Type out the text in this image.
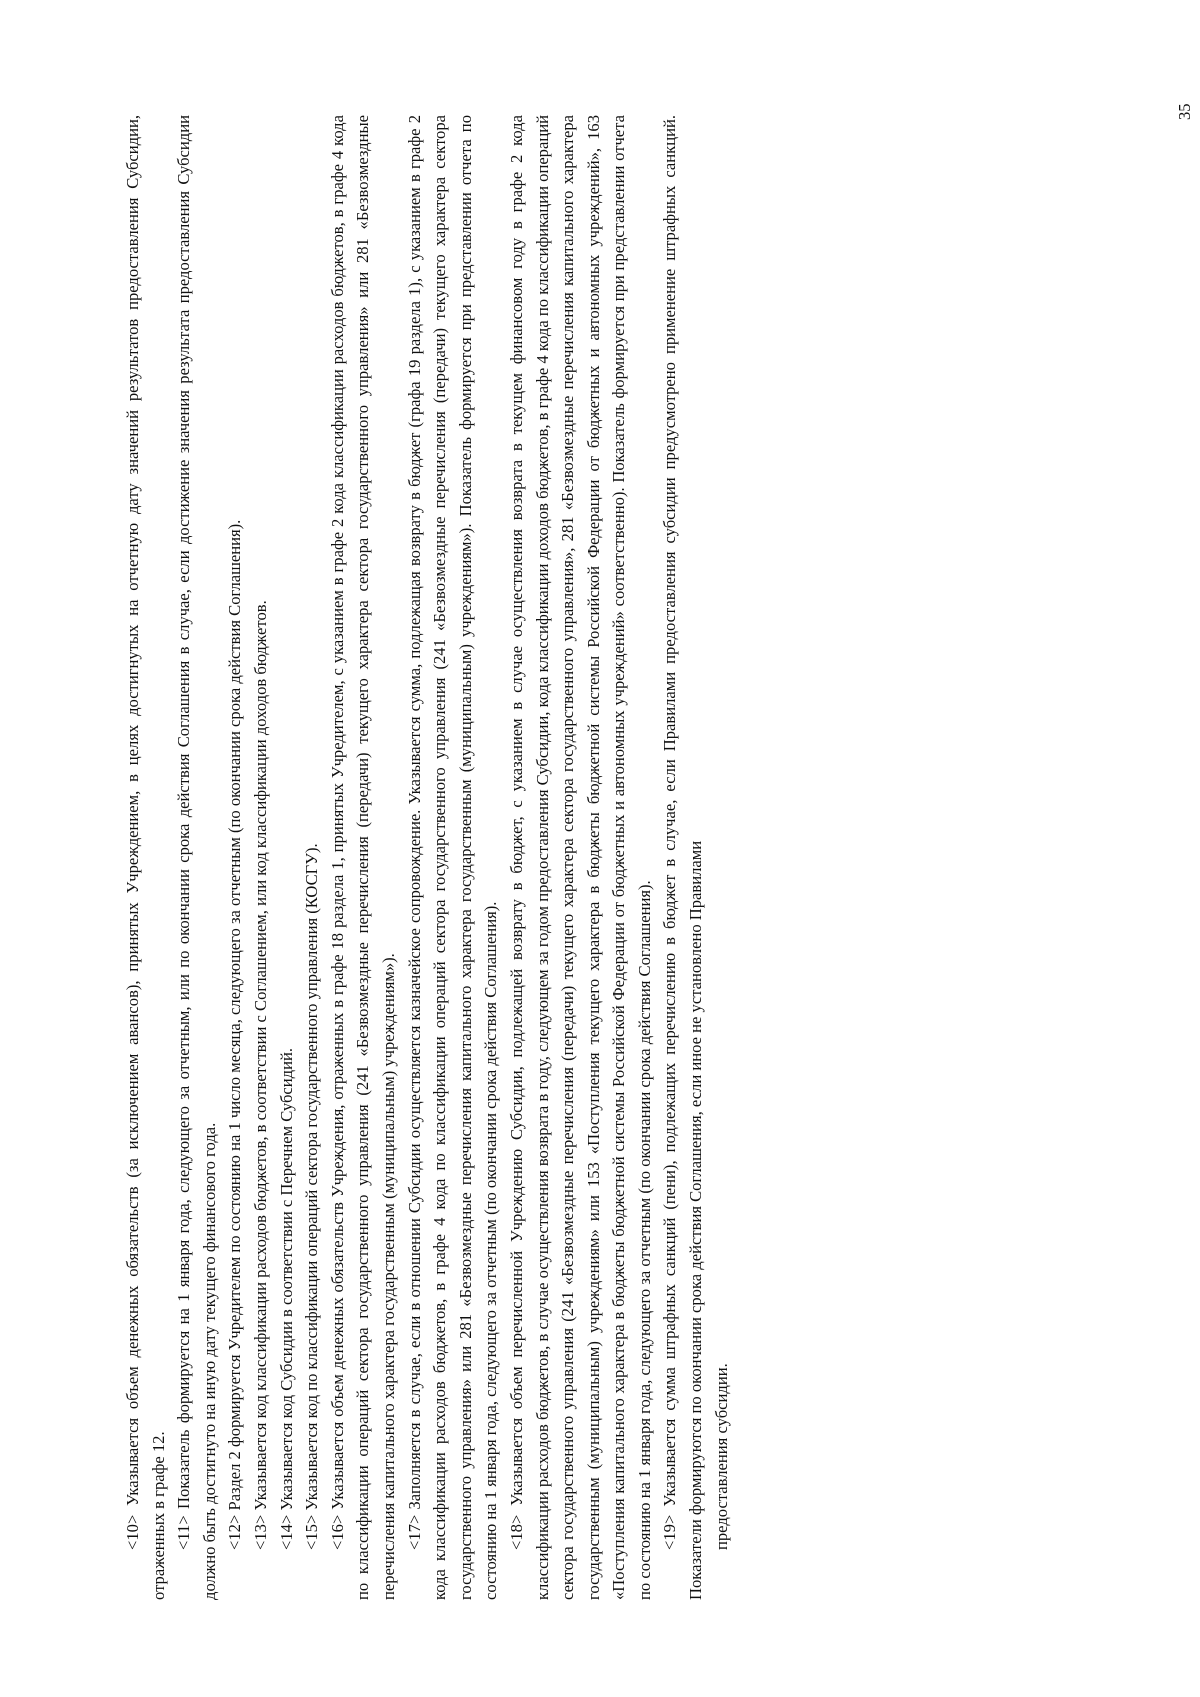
<10> Указывается объем денежных обязательств (за исключением авансов), принятых Учреждением, в целях достигнутых на отчетную дату значений результатов предоставления Субсидии, отраженных в графе 12. <11> Показатель формируется на 1 января года, следующего за отчетным, или по окончании срока действия Соглашения в случае, если достижение значения результата предоставления Субсидии должно быть достигнуто на иную дату текущего финансового года. <12> Раздел 2 формируется Учредителем по состоянию на 1 число месяца, следующего за отчетным (по окончании срока действия Соглашения).

<13> Указывается код классификации расходов бюджетов, в соответствии с Соглашением, или код классификации доходов бюджетов.

<14> Указывается код Субсидии в соответствии с Перечнем Субсидий.

<15> Указывается код по классификации операций сектора государственного управления (КОСГУ).

<16> Указывается объем денежных обязательств Учреждения, отраженных в графе 18 раздела 1, принятых Учредителем, с указанием в графе 2 кода классификации расходов бюджетов, в графе 4 кода по классификации операций сектора государственного управления (241 «Безвозмездные перечисления (передачи) текущего характера сектора государственного управления» или 281 «Безвозмездные перечисления капитального характера государственным (муниципальным) учреждениям»). <17> Заполняется в случае, если в отношении Субсидии осуществляется казначейское сопровождение. Указывается сумма, подлежащая возврату в бюджет (графа 19 раздела 1), с указанием в графе 2 кода классификации расходов бюджетов, в графе 4 кода по классификации операций сектора государственного управления (241 «Безвозмездные перечисления (передачи) текущего характера сектора государственного управления» или 281 «Безвозмездные перечисления капитального характера государственным (муниципальным) учреждениям»). Показатель формируется при представлении отчета по состоянию на 1 января года, следующего за отчетным (по окончании срока действия Соглашения). <18> Указывается объем перечисленной Учреждению Субсидии, подлежащей возврату в бюджет, с указанием в случае осуществления возврата в текущем финансовом году в графе 2 кода классификации расходов бюджетов, в случае осуществления возврата в году, следующем за годом предоставления Субсидии, кода классификации доходов бюджетов, в графе 4 кода по классификации операций сектора государственного управления (241 «Безвозмездные перечисления (передачи) текущего характера сектора государственного управления», 281 «Безвозмездные перечисления капитального характера государственным (муниципальным) учреждениям» или 153 «Поступления текущего характера в бюджеты бюджетной системы Российской Федерации от бюджетных и автономных учреждений», 163 «Поступления капитального характера в бюджеты бюджетной системы Российской Федерации от бюджетных и автономных учреждений» соответственно). Показатель формируется при представлении отчета по состоянию на 1 января года, следующего за отчетным (по окончании срока действия Соглашения). <19> Указывается сумма штрафных санкций (пени), подлежащих перечислению в бюджет в случае, если Правилами предоставления субсидии предусмотрено применение штрафных санкций. Показатели формируются по окончании срока действия Соглашения, если иное не установлено Правилами предоставления субсидии.

35
